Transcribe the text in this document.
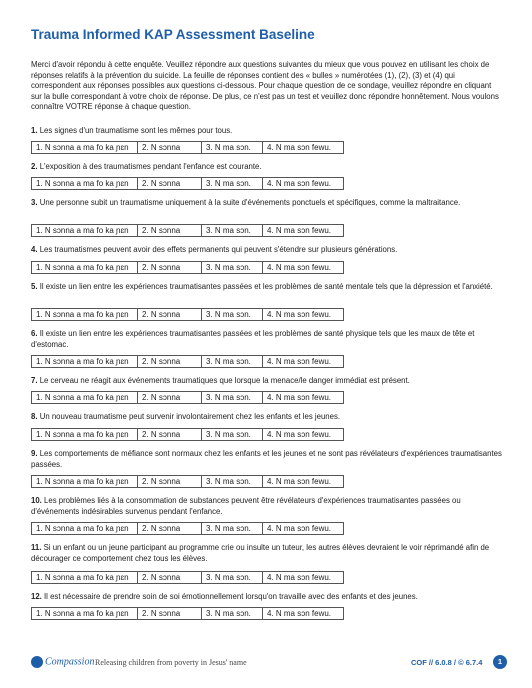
Trauma Informed KAP Assessment Baseline
Merci d'avoir répondu à cette enquête. Veuillez répondre aux questions suivantes du mieux que vous pouvez en utilisant les choix de réponses relatifs à la prévention du suicide. La feuille de réponses contient des « bulles » numérotées (1), (2), (3) et (4) qui correspondent aux réponses possibles aux questions ci-dessous. Pour chaque question de ce sondage, veuillez répondre en cliquant sur la bulle correspondant à votre choix de réponse. De plus, ce n'est pas un test et veuillez donc répondre honnêtement. Nous voulons connaître VOTRE réponse à chaque question.
1. Les signes d'un traumatisme sont les mêmes pour tous.
1. N sɔnna a ma fo ka ɲɛn	2. N sɔnna	3. N ma sɔn.	4. N ma sɔn fewu.
2. L'exposition à des traumatismes pendant l'enfance est courante.
1. N sɔnna a ma fo ka ɲɛn	2. N sɔnna	3. N ma sɔn.	4. N ma sɔn fewu.
3. Une personne subit un traumatisme uniquement à la suite d'événements ponctuels et spécifiques, comme la maltraitance.
1. N sɔnna a ma fo ka ɲɛn	2. N sɔnna	3. N ma sɔn.	4. N ma sɔn fewu.
4. Les traumatismes peuvent avoir des effets permanents qui peuvent s'étendre sur plusieurs générations.
1. N sɔnna a ma fo ka ɲɛn	2. N sɔnna	3. N ma sɔn.	4. N ma sɔn fewu.
5. Il existe un lien entre les expériences traumatisantes passées et les problèmes de santé mentale tels que la dépression et l'anxiété.
1. N sɔnna a ma fo ka ɲɛn	2. N sɔnna	3. N ma sɔn.	4. N ma sɔn fewu.
6. Il existe un lien entre les expériences traumatisantes passées et les problèmes de santé physique tels que les maux de tête et d'estomac.
1. N sɔnna a ma fo ka ɲɛn	2. N sɔnna	3. N ma sɔn.	4. N ma sɔn fewu.
7. Le cerveau ne réagit aux événements traumatiques que lorsque la menace/le danger immédiat est présent.
1. N sɔnna a ma fo ka ɲɛn	2. N sɔnna	3. N ma sɔn.	4. N ma sɔn fewu.
8. Un nouveau traumatisme peut survenir involontairement chez les enfants et les jeunes.
1. N sɔnna a ma fo ka ɲɛn	2. N sɔnna	3. N ma sɔn.	4. N ma sɔn fewu.
9. Les comportements de méfiance sont normaux chez les enfants et les jeunes et ne sont pas révélateurs d'expériences traumatisantes passées.
1. N sɔnna a ma fo ka ɲɛn	2. N sɔnna	3. N ma sɔn.	4. N ma sɔn fewu.
10. Les problèmes liés à la consommation de substances peuvent être révélateurs d'expériences traumatisantes passées ou d'événements indésirables survenus pendant l'enfance.
1. N sɔnna a ma fo ka ɲɛn	2. N sɔnna	3. N ma sɔn.	4. N ma sɔn fewu.
11. Si un enfant ou un jeune participant au programme crie ou insulte un tuteur, les autres élèves devraient le voir réprimandé afin de décourager ce comportement chez tous les élèves.
1. N sɔnna a ma fo ka ɲɛn	2. N sɔnna	3. N ma sɔn.	4. N ma sɔn fewu.
12. Il est nécessaire de prendre soin de soi émotionnellement lorsqu'on travaille avec des enfants et des jeunes.
1. N sɔnna a ma fo ka ɲɛn	2. N sɔnna	3. N ma sɔn.	4. N ma sɔn fewu.
Compassion Releasing children from poverty in Jesus' name	COF // 6.0.8 / © 6.7.4	1
